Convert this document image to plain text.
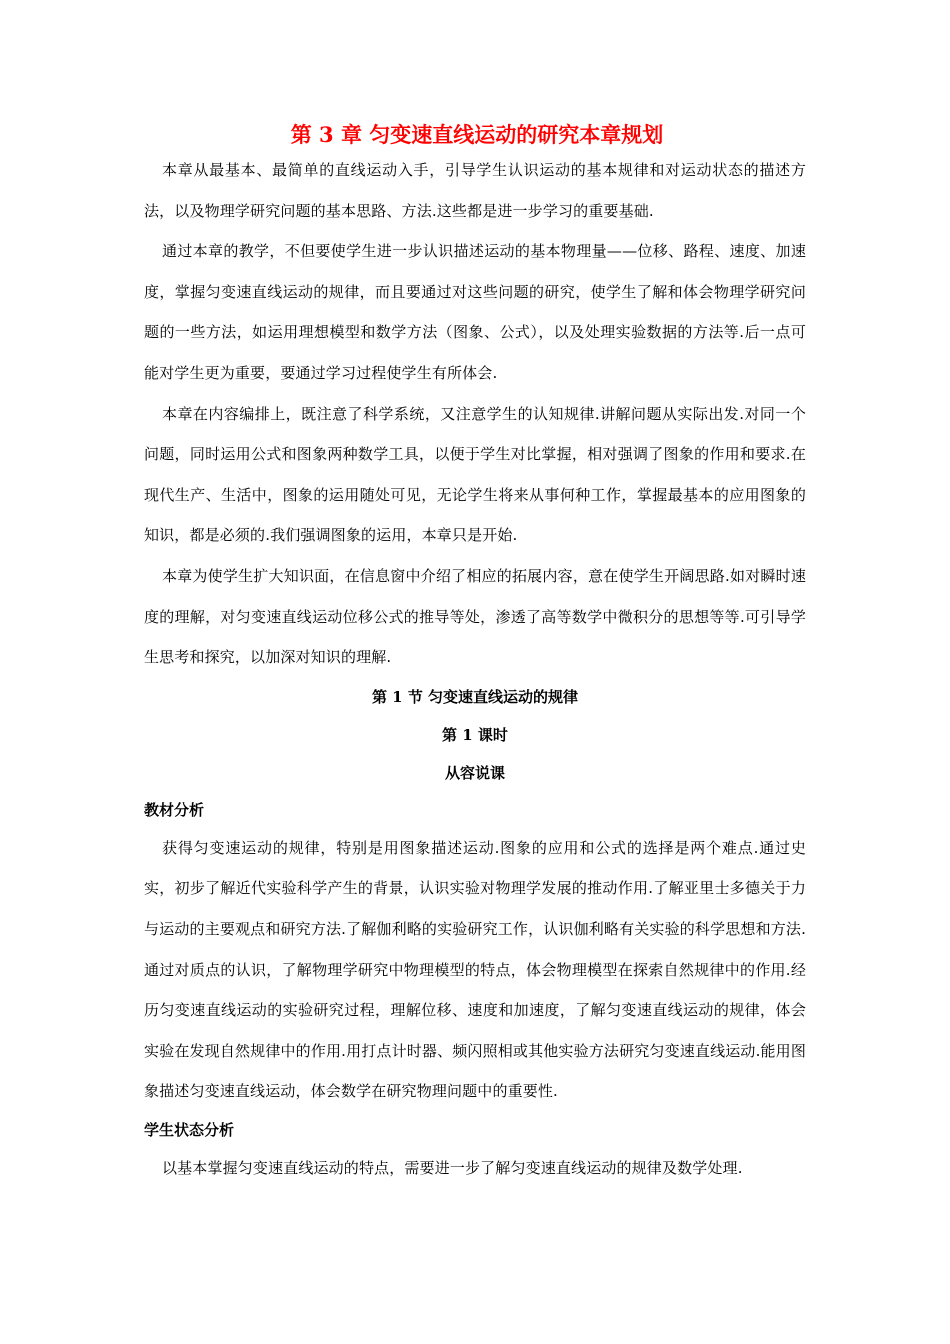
第 3 章 匀变速直线运动的研究本章规划

本章从最基本、最简单的直线运动入手，引导学生认识运动的基本规律和对运动状态的描述方法，以及物理学研究问题的基本思路、方法.这些都是进一步学习的重要基础.

通过本章的教学，不但要使学生进一步认识描述运动的基本物理量——位移、路程、速度、加速度，掌握匀变速直线运动的规律，而且要通过对这些问题的研究，使学生了解和体会物理学研究问题的一些方法，如运用理想模型和数学方法（图象、公式），以及处理实验数据的方法等.后一点可能对学生更为重要，要通过学习过程使学生有所体会.

本章在内容编排上，既注意了科学系统，又注意学生的认知规律.讲解问题从实际出发.对同一个问题，同时运用公式和图象两种数学工具，以便于学生对比掌握，相对强调了图象的作用和要求.在现代生产、生活中，图象的运用随处可见，无论学生将来从事何种工作，掌握最基本的应用图象的知识，都是必须的.我们强调图象的运用，本章只是开始.

本章为使学生扩大知识面，在信息窗中介绍了相应的拓展内容，意在使学生开阔思路.如对瞬时速度的理解，对匀变速直线运动位移公式的推导等处，渗透了高等数学中微积分的思想等等.可引导学生思考和探究，以加深对知识的理解.

第 1 节 匀变速直线运动的规律
第 1 课时
从容说课
教材分析

获得匀变速运动的规律，特别是用图象描述运动.图象的应用和公式的选择是两个难点.通过史实，初步了解近代实验科学产生的背景，认识实验对物理学发展的推动作用.了解亚里士多德关于力与运动的主要观点和研究方法.了解伽利略的实验研究工作，认识伽利略有关实验的科学思想和方法.通过对质点的认识，了解物理学研究中物理模型的特点，体会物理模型在探索自然规律中的作用.经历匀变速直线运动的实验研究过程，理解位移、速度和加速度，了解匀变速直线运动的规律，体会实验在发现自然规律中的作用.用打点计时器、频闪照相或其他实验方法研究匀变速直线运动.能用图象描述匀变速直线运动，体会数学在研究物理问题中的重要性.

学生状态分析

以基本掌握匀变速直线运动的特点，需要进一步了解匀变速直线运动的规律及数学处理.
